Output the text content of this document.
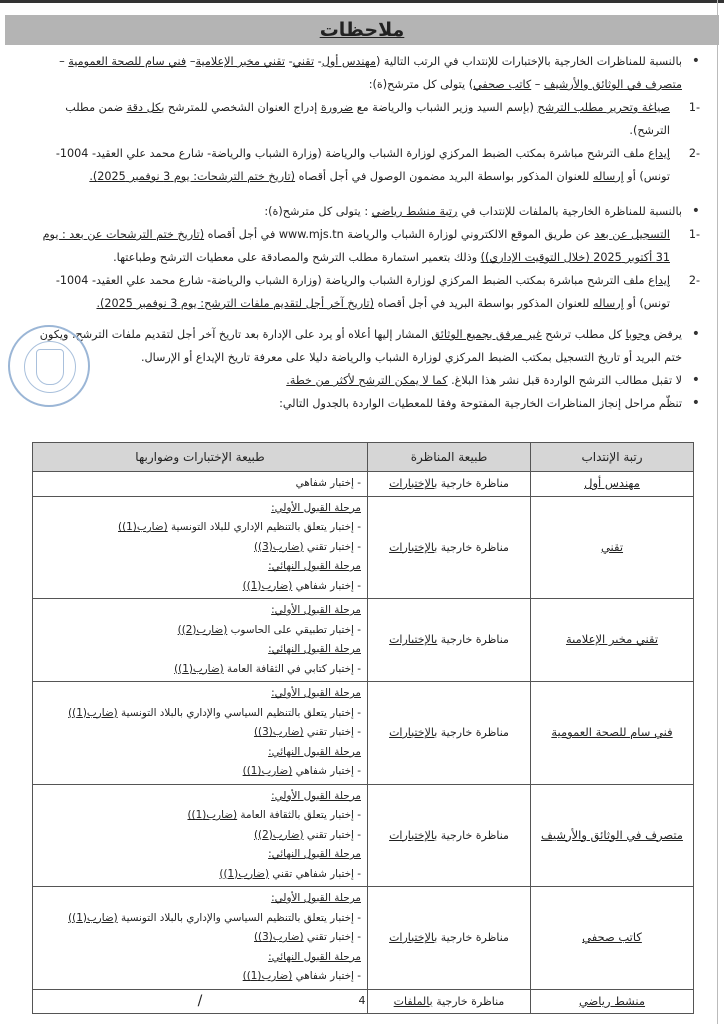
ملاحظات

• بالنسبة للمناظرات الخارجية بالإختبارات للإنتداب في الرتب التالية (مهندس أول- تقني- تقني مخبر الإعلامية– فني سام للصحة العمومية – متصرف في الوثائق والأرشيف – كاتب صحفي) يتولى كل مترشح(ة):

1-
صياغة وتحرير مطلب الترشح (بإسم السيد وزير الشباب والرياضة مع ضرورة إدراج العنوان الشخصي للمترشح بكل دقة ضمن مطلب الترشح).

2-
إيداع ملف الترشح مباشرة بمكتب الضبط المركزي لوزارة الشباب والرياضة (وزارة الشباب والرياضة- شارع محمد علي العقيد- 1004- تونس) أو إرساله للعنوان المذكور بواسطة البريد مضمون الوصول في أجل أقصاه (تاريخ ختم الترشحات: يوم 3 نوفمبر 2025).

• بالنسبة للمناظرة الخارجية بالملفات للإنتداب في رتبة منشط رياضي : يتولى كل مترشح(ة):

1-
التسجيل عن بعد عن طريق الموقع الالكتروني لوزارة الشباب والرياضة www.mjs.tn في أجل أقصاه (تاريخ ختم الترشحات عن بعد : يوم 31 أكتوبر 2025 (خلال التوقيت الإداري)) وذلك بتعمير استمارة مطلب الترشح والمصادقة على معطيات الترشح وطباعتها.

2-
إيداع ملف الترشح مباشرة بمكتب الضبط المركزي لوزارة الشباب والرياضة (وزارة الشباب والرياضة- شارع محمد علي العقيد- 1004- تونس) أو إرساله للعنوان المذكور بواسطة البريد في أجل أقصاه (تاريخ آخر أجل لتقديم ملفات الترشح: يوم 3 نوفمبر 2025).

• يرفض وجوبا كل مطلب ترشح غير مرفق بجميع الوثائق المشار إليها أعلاه أو يرد على الإدارة بعد تاريخ آخر أجل لتقديم ملفات الترشح. ويكون ختم البريد أو تاريخ التسجيل بمكتب الضبط المركزي لوزارة الشباب والرياضة دليلا على معرفة تاريخ الإيداع أو الإرسال.

• لا تقبل مطالب الترشح الواردة قبل نشر هذا البلاغ. كما لا يمكن الترشح لأكثر من خطة.

• تنظّم مراحل إنجاز المناظرات الخارجية المفتوحة وفقا للمعطيات الواردة بالجدول التالي:

رتبة الإنتداب	طبيعة المناظرة	طبيعة الإختبارات وضواربها
مهندس أول	مناظرة خارجية بالإختبارات	- إختبار شفاهي

تقني	مناظرة خارجية بالإختبارات	مرحلة القبول الأولي:
- إختبار يتعلق بالتنظيم الإداري للبلاد التونسية (ضارب(1))
- إختبار تقني (ضارب(3))
مرحلة القبول النهائي:
- إختبار شفاهي (ضارب(1))

تقني مخبر الإعلامية	مناظرة خارجية بالإختبارات	مرحلة القبول الأولي:
- إختبار تطبيقي على الحاسوب (ضارب(2))
مرحلة القبول النهائي:
- إختبار كتابي في الثقافة العامة (ضارب(1))

فني سام للصحة العمومية	مناظرة خارجية بالإختبارات	مرحلة القبول الأولي:
- إختبار يتعلق بالتنظيم السياسي والإداري بالبلاد التونسية (ضارب(1))
- إختبار تقني (ضارب(3))
مرحلة القبول النهائي:
- إختبار شفاهي (ضارب(1))

متصرف في الوثائق والأرشيف	مناظرة خارجية بالإختبارات	مرحلة القبول الأولي:
- إختبار يتعلق بالثقافة العامة (ضارب(1))
- إختبار تقني (ضارب(2))
مرحلة القبول النهائي:
- إختبار شفاهي تقني (ضارب(1))

كاتب صحفي	مناظرة خارجية بالإختبارات	مرحلة القبول الأولي:
- إختبار يتعلق بالتنظيم السياسي والإداري بالبلاد التونسية (ضارب(1))
- إختبار تقني (ضارب(3))
مرحلة القبول النهائي:
- إختبار شفاهي (ضارب(1))

منشط رياضي	مناظرة خارجية بالملفات	/	4
